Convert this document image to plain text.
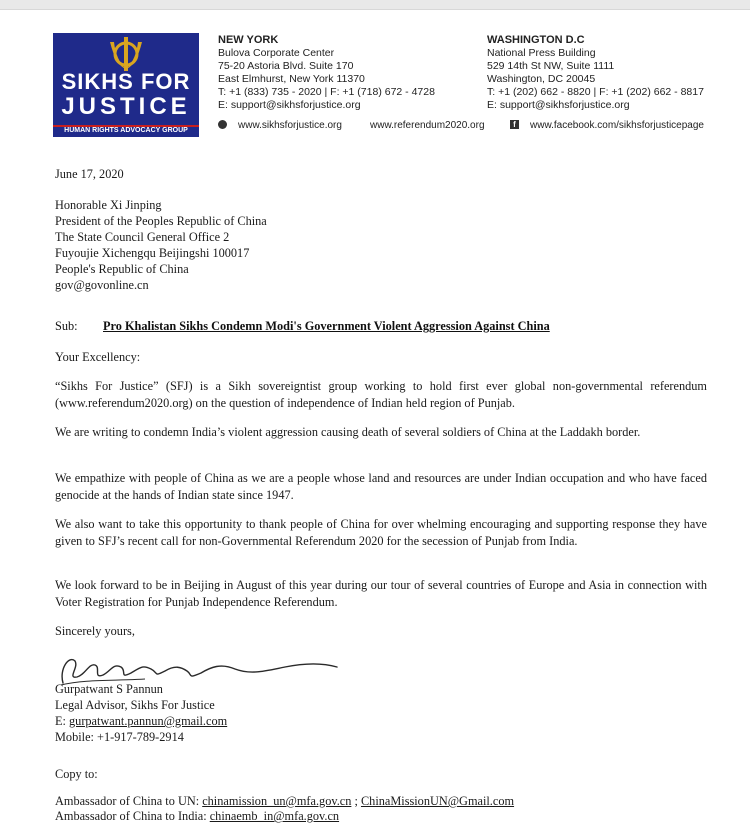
SIKHS FOR
JUSTICE
HUMAN RIGHTS ADVOCACY GROUP
NEW YORK
Bulova Corporate Center
75-20 Astoria Blvd. Suite 170
East Elmhurst, New York 11370
T: +1 (833) 735 - 2020 | F: +1 (718) 672 - 4728
E: support@sikhsforjustice.org
WASHINGTON D.C
National Press Building
529 14th St NW, Suite 1111
Washington, DC 20045
T: +1 (202) 662 - 8820 | F: +1 (202) 662 - 8817
E: support@sikhsforjustice.org
www.sikhsforjustice.org	www.referendum2020.org	f	www.facebook.com/sikhsforjusticepage
June 17, 2020
Honorable Xi Jinping
President of the Peoples Republic of China
The State Council General Office 2
Fuyoujie Xichengqu Beijingshi 100017
People's Republic of China
gov@govonline.cn
Sub: Pro Khalistan Sikhs Condemn Modi's Government Violent Aggression Against China
Your Excellency:
“Sikhs For Justice” (SFJ) is a Sikh sovereigntist group working to hold first ever global non-governmental referendum (www.referendum2020.org) on the question of independence of Indian held region of Punjab.
We are writing to condemn India’s violent aggression causing death of several soldiers of China at the Laddakh border.
We empathize with people of China as we are a people whose land and resources are under Indian occupation and who have faced genocide at the hands of Indian state since 1947.
We also want to take this opportunity to thank people of China for over whelming encouraging and supporting response they have given to SFJ’s recent call for non-Governmental Referendum 2020 for the secession of Punjab from India.
We look forward to be in Beijing in August of this year during our tour of several countries of Europe and Asia in connection with Voter Registration for Punjab Independence Referendum.
Sincerely yours,
Gurpatwant S Pannun
Legal Advisor, Sikhs For Justice
E: gurpatwant.pannun@gmail.com
Mobile: +1-917-789-2914
Copy to:
Ambassador of China to UN: chinamission_un@mfa.gov.cn ; ChinaMissionUN@Gmail.com
Ambassador of China to India: chinaemb_in@mfa.gov.cn
